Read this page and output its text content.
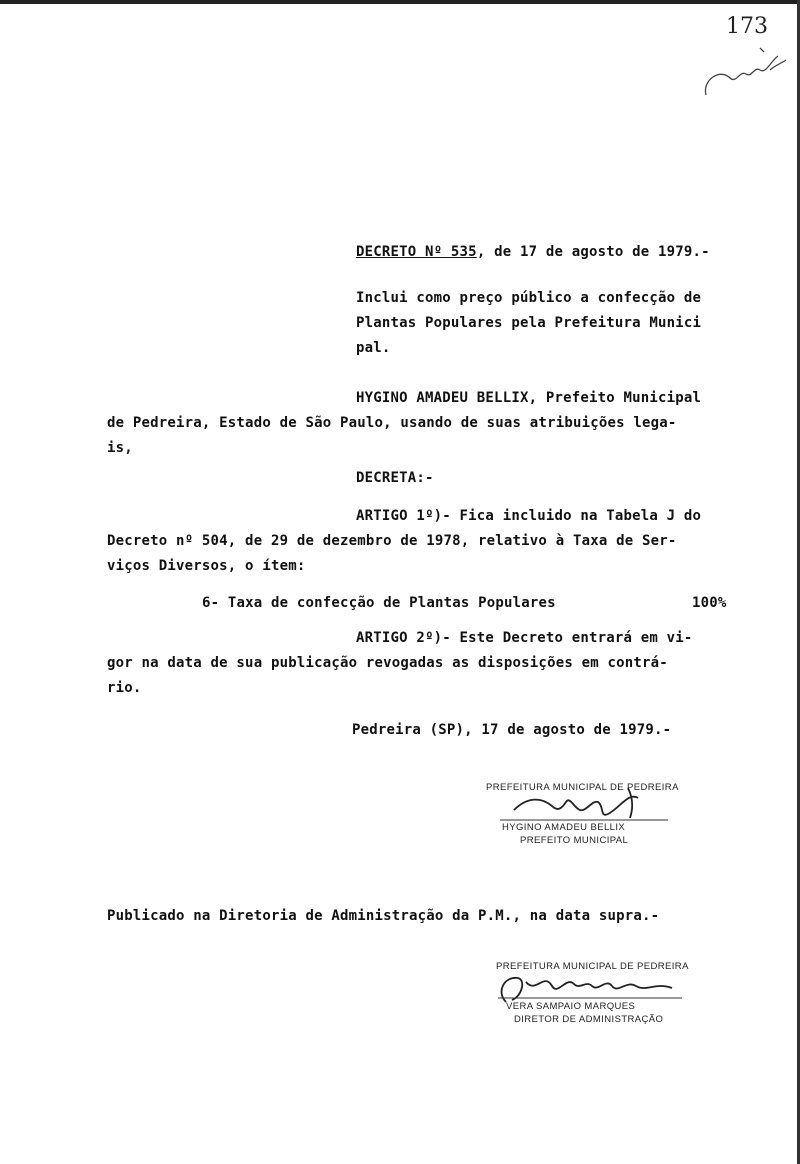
173
DECRETO Nº 535, de 17 de agosto de 1979.-
Inclui como preço público a confecção de
Plantas Populares pela Prefeitura Munici
pal.
HYGINO AMADEU BELLIX, Prefeito Municipal
de Pedreira, Estado de São Paulo, usando de suas atribuições lega-
is,
DECRETA:-
ARTIGO 1º)- Fica incluido na Tabela J do
Decreto nº 504, de 29 de dezembro de 1978, relativo à Taxa de Ser-
viços Diversos, o ítem:
6- Taxa de confecção de Plantas Populares	100%
ARTIGO 2º)- Este Decreto entrará em vi-
gor na data de sua publicação revogadas as disposições em contrá-
rio.
Pedreira (SP), 17 de agosto de 1979.-
PREFEITURA MUNICIPAL DE PEDREIRA
HYGINO AMADEU BELLIX
PREFEITO MUNICIPAL
Publicado na Diretoria de Administração da P.M., na data supra.-
PREFEITURA MUNICIPAL DE PEDREIRA
VERA SAMPAIO MARQUES
DIRETOR DE ADMINISTRAÇÃO
